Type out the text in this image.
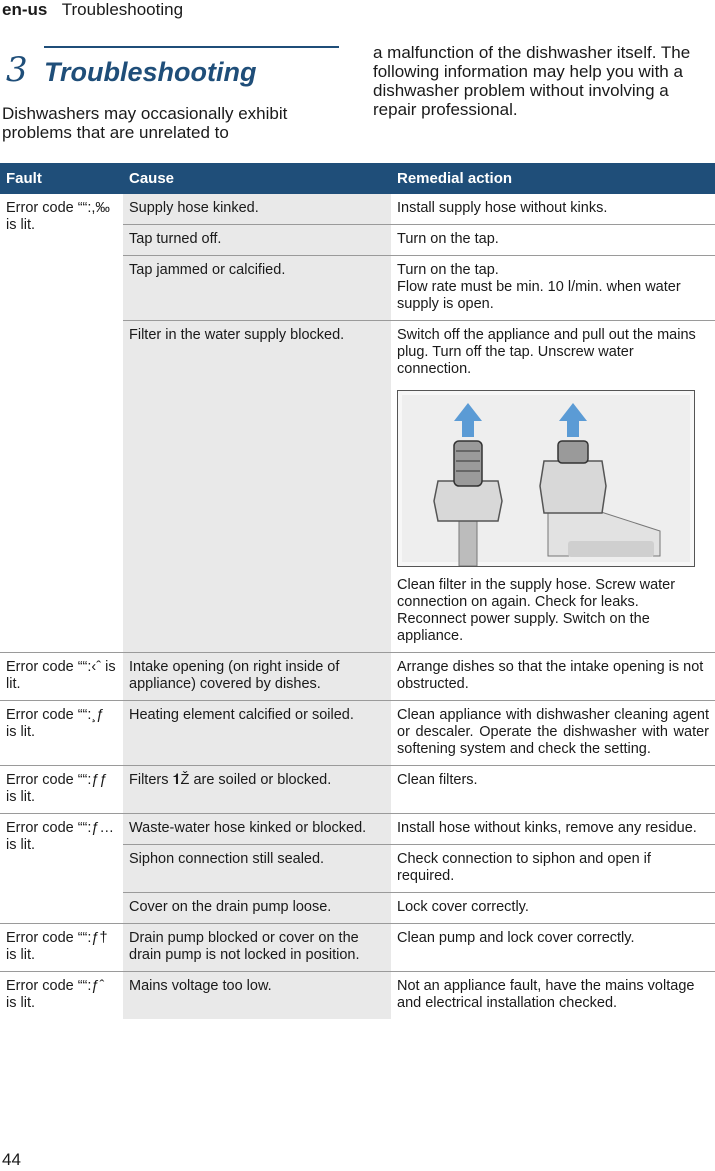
en-us Troubleshooting
3 Troubleshooting
Dishwashers may occasionally exhibit problems that are unrelated to
a malfunction of the dishwasher itself. The following information may help you with a dishwasher problem without involving a repair professional.
Fault	Cause	Remedial action
Error code ““:,‰ is lit.	Supply hose kinked.	Install supply hose without kinks.
	Tap turned off.	Turn on the tap.
	Tap jammed or calcified.	Turn on the tap.
Flow rate must be min. 10 l/min. when water supply is open.
	Filter in the water supply blocked.	Switch off the appliance and pull out the mains plug. Turn off the tap. Unscrew water connection.
Clean filter in the supply hose. Screw water connection on again. Check for leaks. Reconnect power supply. Switch on the appliance.

Error code ““:‹ˆ is lit.	Intake opening (on right inside of appliance) covered by dishes.	Arrange dishes so that the intake opening is not obstructed.
Error code ““:¸ƒ is lit.	Heating element calcified or soiled.	Clean appliance with dishwasher cleaning agent or descaler. Operate the dishwasher with water softening system and check the setting.
Error code ““:ƒƒ is lit.	Filters 𝟏Ž are soiled or blocked.	Clean filters.
Error code ““:ƒ… is lit.	Waste-water hose kinked or blocked.	Install hose without kinks, remove any residue.
	Siphon connection still sealed.	Check connection to siphon and open if required.
	Cover on the drain pump loose.	Lock cover correctly.
Error code ““:ƒ† is lit.	Drain pump blocked or cover on the drain pump is not locked in position.	Clean pump and lock cover correctly.
Error code ““:ƒˆ is lit.	Mains voltage too low.	Not an appliance fault, have the mains voltage and electrical installation checked.
44
